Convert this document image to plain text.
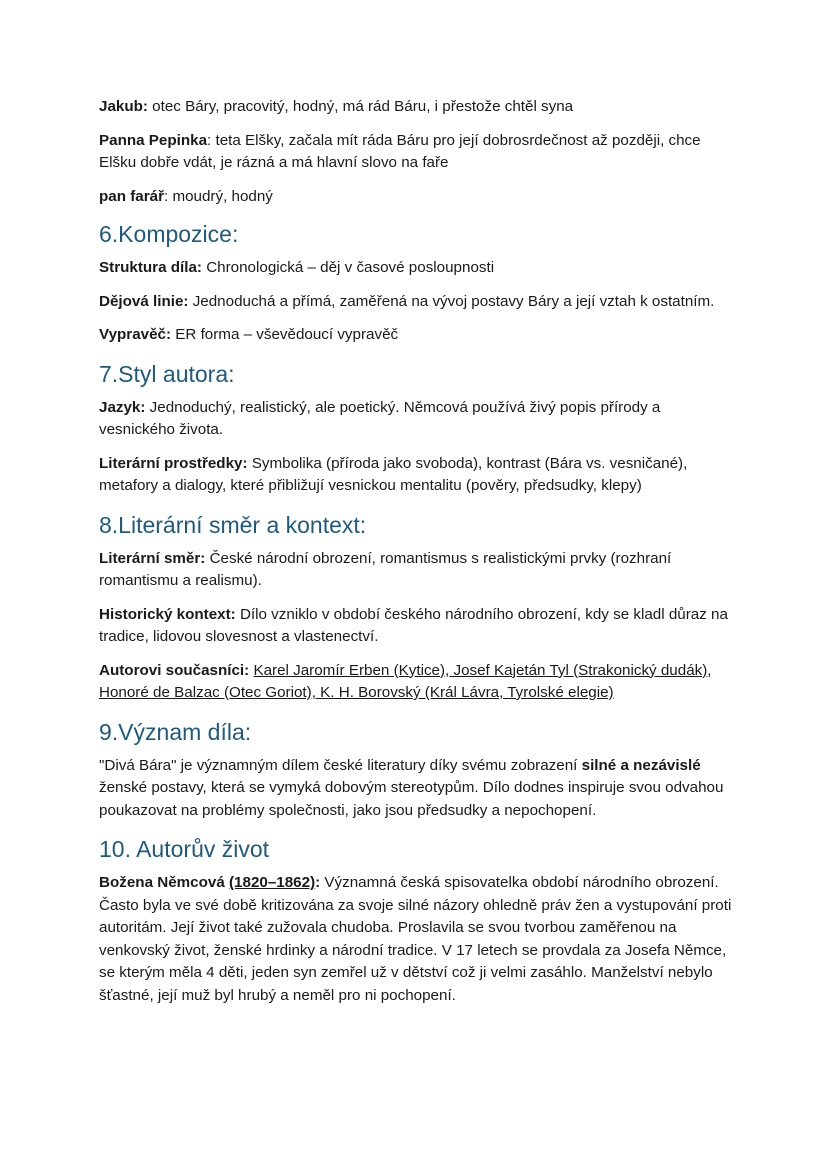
Jakub: otec Báry, pracovitý, hodný, má rád Báru, i přestože chtěl syna

Panna Pepinka: teta Elšky, začala mít ráda Báru pro její dobrosrdečnost až později, chce Elšku dobře vdát, je rázná a má hlavní slovo na faře

pan farář: moudrý, hodný

6.Kompozice:

Struktura díla: Chronologická – děj v časové posloupnosti

Dějová linie: Jednoduchá a přímá, zaměřená na vývoj postavy Báry a její vztah k ostatním.

Vypravěč: ER forma – vševědoucí vypravěč

7.Styl autora:

Jazyk: Jednoduchý, realistický, ale poetický. Němcová používá živý popis přírody a vesnického života.

Literární prostředky: Symbolika (příroda jako svoboda), kontrast (Bára vs. vesničané), metafory a dialogy, které přibližují vesnickou mentalitu (pověry, předsudky, klepy)

8.Literární směr a kontext:

Literární směr: České národní obrození, romantismus s realistickými prvky (rozhraní romantismu a realismu).

Historický kontext: Dílo vzniklo v období českého národního obrození, kdy se kladl důraz na tradice, lidovou slovesnost a vlastenectví.

Autorovi současníci: Karel Jaromír Erben (Kytice), Josef Kajetán Tyl (Strakonický dudák), Honoré de Balzac (Otec Goriot), K. H. Borovský (Král Lávra, Tyrolské elegie)

9.Význam díla:

"Divá Bára" je významným dílem české literatury díky svému zobrazení silné a nezávislé ženské postavy, která se vymyká dobovým stereotypům. Dílo dodnes inspiruje svou odvahou poukazovat na problémy společnosti, jako jsou předsudky a nepochopení.

10. Autorův život

Božena Němcová (1820–1862): Významná česká spisovatelka období národního obrození. Často byla ve své době kritizována za svoje silné názory ohledně práv žen a vystupování proti autoritám. Její život také zužovala chudoba. Proslavila se svou tvorbou zaměřenou na venkovský život, ženské hrdinky a národní tradice. V 17 letech se provdala za Josefa Němce, se kterým měla 4 děti, jeden syn zemřel už v dětství což ji velmi zasáhlo. Manželství nebylo šťastné, její muž byl hrubý a neměl pro ni pochopení.
